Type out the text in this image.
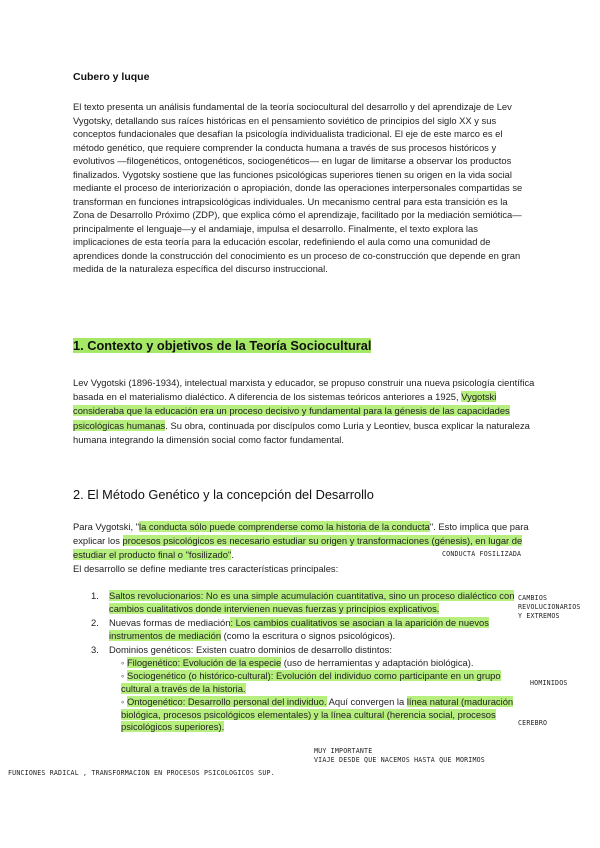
Cubero y luque

El texto presenta un análisis fundamental de la teoría sociocultural del desarrollo y del aprendizaje de Lev Vygotsky, detallando sus raíces históricas en el pensamiento soviético de principios del siglo XX y sus conceptos fundacionales que desafían la psicología individualista tradicional. El eje de este marco es el método genético, que requiere comprender la conducta humana a través de sus procesos históricos y evolutivos —filogenéticos, ontogenéticos, sociogenéticos— en lugar de limitarse a observar los productos finalizados. Vygotsky sostiene que las funciones psicológicas superiores tienen su origen en la vida social mediante el proceso de interiorización o apropiación, donde las operaciones interpersonales compartidas se transforman en funciones intrapsicológicas individuales. Un mecanismo central para esta transición es la Zona de Desarrollo Próximo (ZDP), que explica cómo el aprendizaje, facilitado por la mediación semiótica—principalmente el lenguaje—y el andamiaje, impulsa el desarrollo. Finalmente, el texto explora las implicaciones de esta teoría para la educación escolar, redefiniendo el aula como una comunidad de aprendices donde la construcción del conocimiento es un proceso de co-construcción que depende en gran medida de la naturaleza específica del discurso instruccional.

1. Contexto y objetivos de la Teoría Sociocultural

Lev Vygotski (1896-1934), intelectual marxista y educador, se propuso construir una nueva psicología científica basada en el materialismo dialéctico. A diferencia de los sistemas teóricos anteriores a 1925, Vygotski consideraba que la educación era un proceso decisivo y fundamental para la génesis de las capacidades psicológicas humanas. Su obra, continuada por discípulos como Luria y Leontiev, busca explicar la naturaleza humana integrando la dimensión social como factor fundamental.

2. El Método Genético y la concepción del Desarrollo

Para Vygotski, "la conducta sólo puede comprenderse como la historia de la conducta". Esto implica que para explicar los procesos psicológicos es necesario estudiar su origen y transformaciones (génesis), en lugar de estudiar el producto final o "fosilizado".
El desarrollo se define mediante tres características principales:

1. Saltos revolucionarios: No es una simple acumulación cuantitativa, sino un proceso dialéctico con cambios cualitativos donde intervienen nuevas fuerzas y principios explicativos.
2. Nuevas formas de mediación: Los cambios cualitativos se asocian a la aparición de nuevos instrumentos de mediación (como la escritura o signos psicológicos).
3. Dominios genéticos: Existen cuatro dominios de desarrollo distintos:
◦ Filogenético: Evolución de la especie (uso de herramientas y adaptación biológica).
◦ Sociogenético (o histórico-cultural): Evolución del individuo como participante en un grupo cultural a través de la historia.
◦ Ontogenético: Desarrollo personal del individuo. Aquí convergen la línea natural (maduración biológica, procesos psicológicos elementales) y la línea cultural (herencia social, procesos psicológicos superiores).
CONDUCTA FOSILIZADA
CAMBIOS
REVOLUCIONARIOS
Y EXTREMOS
HOMINIDOS
CEREBRO
MUY IMPORTANTE
VIAJE DESDE QUE NACEMOS HASTA QUE MORIMOS
FUNCIONES RADICAL , TRANSFORMACION EN PROCESOS PSICOLOGICOS SUP.
